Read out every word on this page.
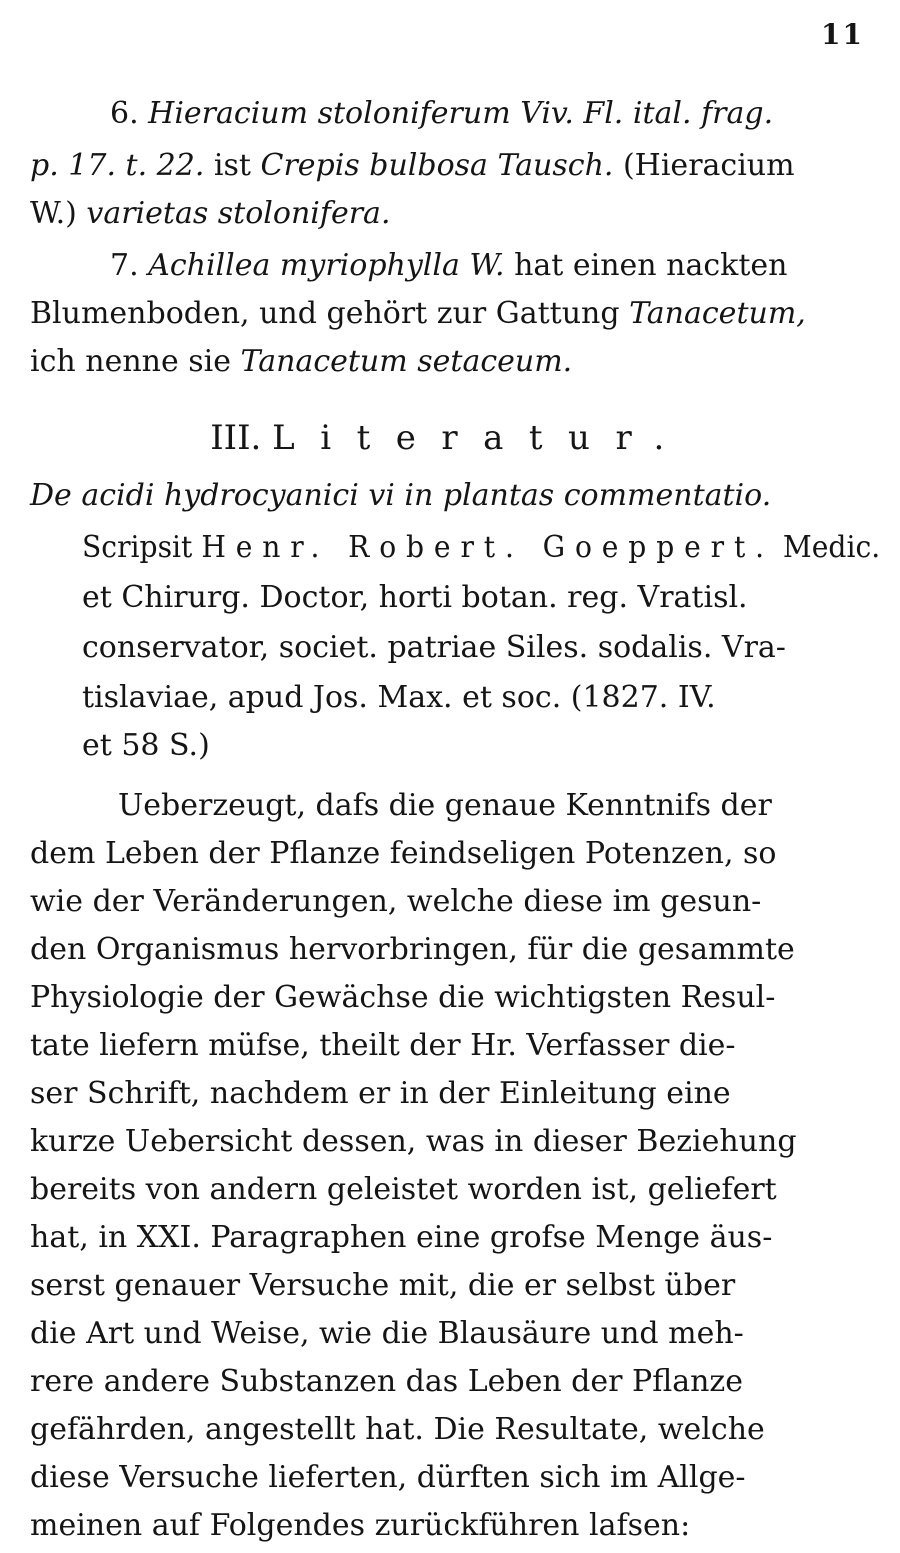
11
6. Hieracium stoloniferum Viv. Fl. ital. frag.
p. 17. t. 22. ist Crepis bulbosa Tausch. (Hieracium
W.) varietas stolonifera.
7. Achillea myriophylla W. hat einen nackten
Blumenboden, und gehört zur Gattung Tanacetum,
ich nenne sie Tanacetum setaceum.
III. Literatur.
De acidi hydrocyanici vi in plantas commentatio.
Scripsit Henr. Robert. Goeppert. Medic.
et Chirurg. Doctor, horti botan. reg. Vratisl.
conservator, societ. patriae Siles. sodalis. Vra-
tislaviae, apud Jos. Max. et soc. (1827. IV.
et 58 S.)
Ueberzeugt, dafs die genaue Kenntnifs der
dem Leben der Pflanze feindseligen Potenzen, so
wie der Veränderungen, welche diese im gesun-
den Organismus hervorbringen, für die gesammte
Physiologie der Gewächse die wichtigsten Resul-
tate liefern müfse, theilt der Hr. Verfasser die-
ser Schrift, nachdem er in der Einleitung eine
kurze Uebersicht dessen, was in dieser Beziehung
bereits von andern geleistet worden ist, geliefert
hat, in XXI. Paragraphen eine grofse Menge äus-
serst genauer Versuche mit, die er selbst über
die Art und Weise, wie die Blausäure und meh-
rere andere Substanzen das Leben der Pflanze
gefährden, angestellt hat. Die Resultate, welche
diese Versuche lieferten, dürften sich im Allge-
meinen auf Folgendes zurückführen lafsen:
